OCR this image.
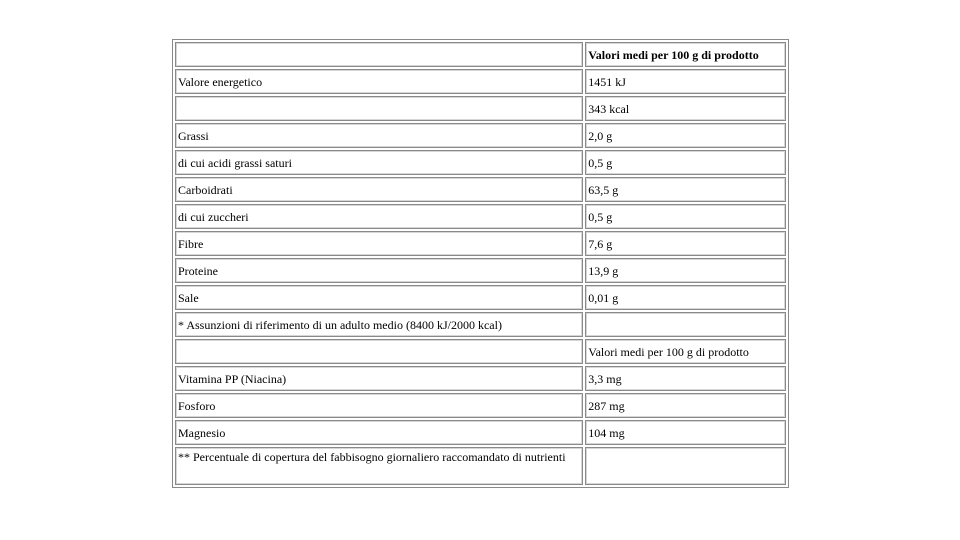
	Valori medi per 100 g di prodotto
Valore energetico	1451 kJ
	343 kcal
Grassi	2,0 g
di cui acidi grassi saturi	0,5 g
Carboidrati	63,5 g
di cui zuccheri	0,5 g
Fibre	7,6 g
Proteine	13,9 g
Sale	0,01 g
* Assunzioni di riferimento di un adulto medio (8400 kJ/2000 kcal)	
	Valori medi per 100 g di prodotto
Vitamina PP (Niacina)	3,3 mg
Fosforo	287 mg
Magnesio	104 mg
** Percentuale di copertura del fabbisogno giornaliero raccomandato di nutrienti	
